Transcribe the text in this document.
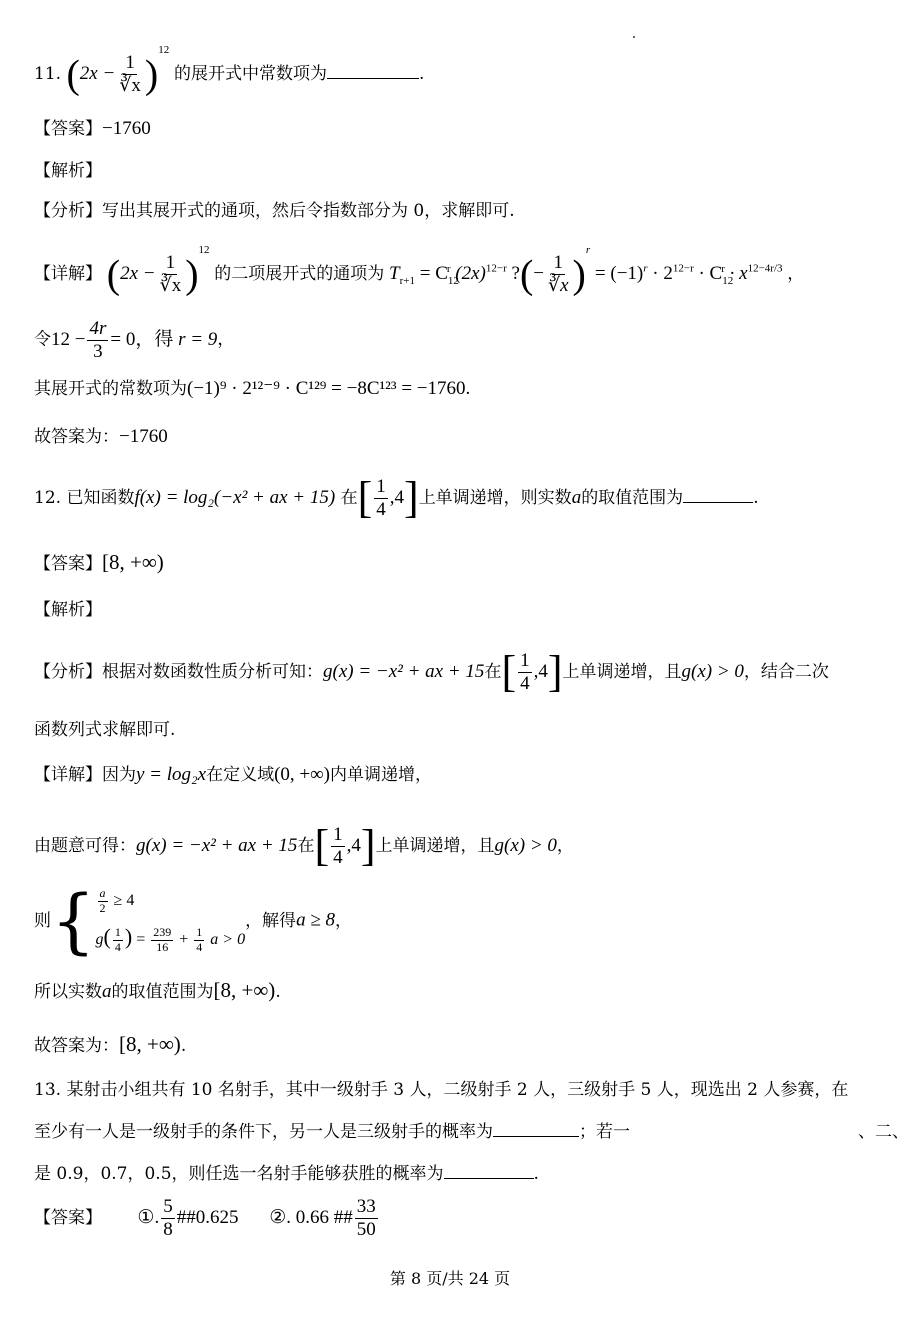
11. $(2x - \frac{1}{∛x} )^{12}$ 的展开式中常数项为	.
【答案】−1760
【解析】
【分析】写出其展开式的通项，然后令指数部分为 0，求解即可.
【详解】 $(2x - \frac{1}{∛x} )^{12}$ 的二项展开式的通项为 $T_{r+1} = C_{12}^r$ $(2x)^{12-r}$ ?(− $\frac{1}{∛x} )^r = (-1)^r \cdot 2^{12-r} \cdot C_{12}^r \cdot x^{12-4r/3}$ ，
令$12 - \frac{4r}{3} = 0$，得 r = 9，
其展开式的常数项为(−1)⁹ · 2¹²⁻⁹ · C¹²⁹ = −8C¹²³ = −1760.
故答案为：−1760
12. 已知函数f(x) = log₂(−x² + ax + 15) 在[ $\frac{1}{4} ,4$]上单调递增，则实数a的取值范围为	.
【答案】[8, +∞)
【解析】
【分析】根据对数函数性质分析可知：g(x) = −x² + ax + 15在[ $\frac{1}{4} ,4$]上单调递增，且g(x) > 0，结合二次
函数列式求解即可.
【详解】因为y = log₂x在定义域(0, +∞)内单调递增，
由题意可得：g(x) = −x² + ax + 15在[ $\frac{1}{4} ,4$]上单调递增，且g(x) > 0，
则{ $\frac{a}{2} \ge 4$
$g( \frac{1}{4}$ ) = $\frac{239}{16} + \frac{1}{4}$ a > 0
，解得a ≥ 8，
所以实数a的取值范围为[8, +∞).
故答案为：[8, +∞).
13. 某射击小组共有 10 名射手，其中一级射手 3 人，二级射手 2 人，三级射手 5 人，现选出 2 人参赛，在
至少有一人是一级射手的条件下，另一人是三级射手的概率为	；若一	、二、
是 0.9，0.7，0.5，则任选一名射手能够获胜的概率为	.
【答案】 ①. $\frac{5}{8}$ ##0.625 ②. 0.66 ## $\frac{33}{50}$
第 8 页/共 24 页
